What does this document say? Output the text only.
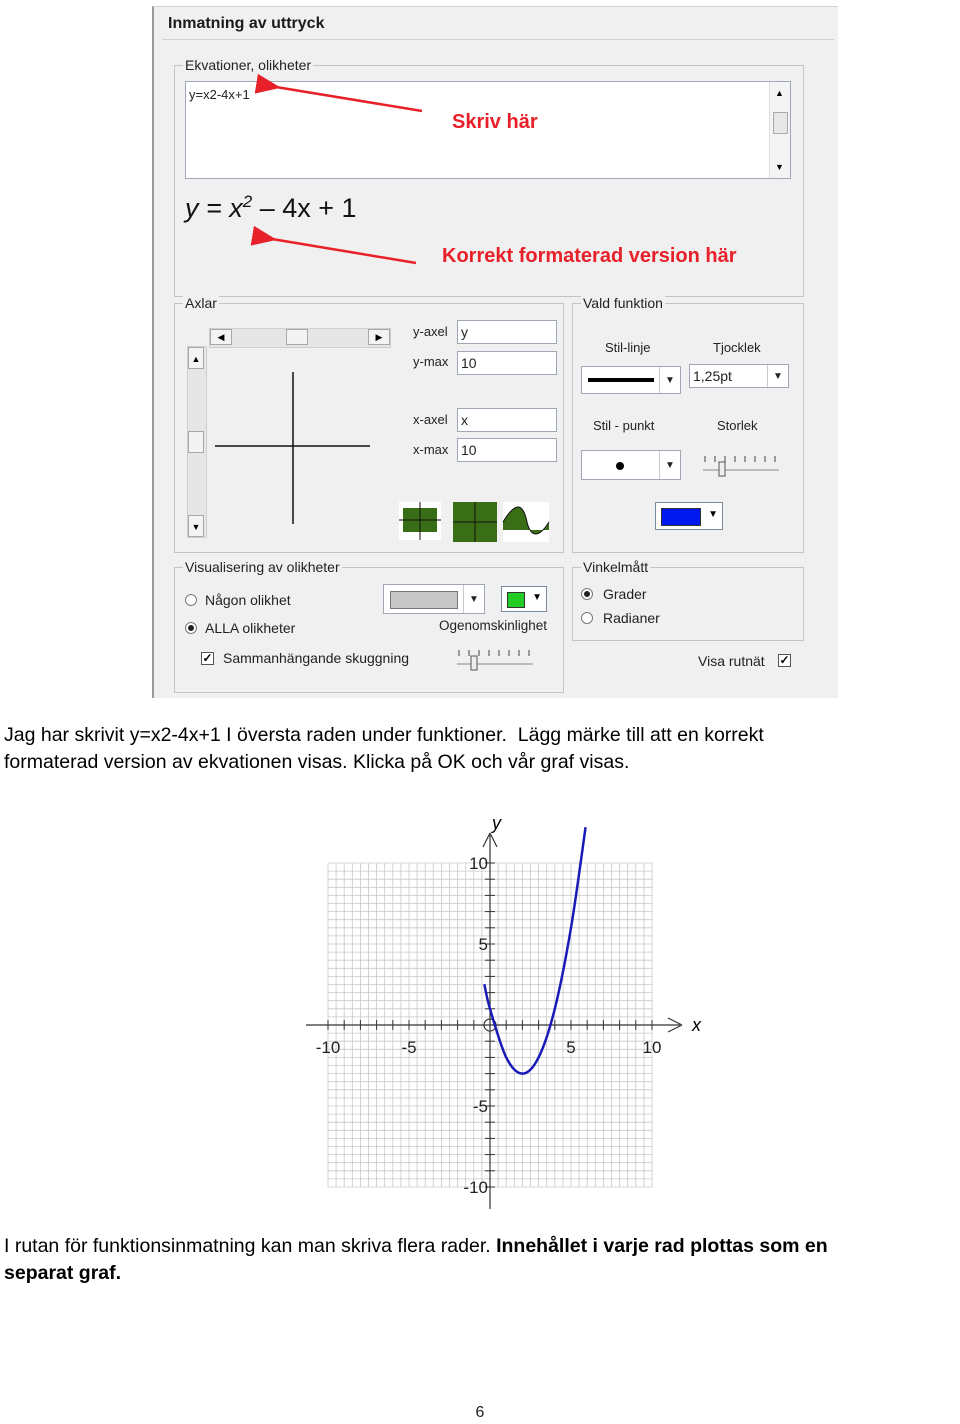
Inmatning av uttryck
Ekvationer, olikheter
y=x2-4x+1	▲
▼
$y = x^2 - 4x + 1$
Skriv här
Korrekt formaterad version här
Axlar
◀	▶
▲
▼
y-axel y
y-max 10
x-axel x
x-max 10
Vald funktion
Stil-linje	Tjocklek
▼	1,25pt	▼
Stil - punkt	Storlek
▼
▼
Visualisering av olikheter
Någon olikhet
ALLA olikheter
✓ Sammanhängande skuggning
▼	▼
Ogenomskinlighet
Vinkelmått
Grader
Radianer
Visa rutnät ✓
Jag har skrivit y=x2-4x+1 I översta raden under funktioner.  Lägg märke till att en korrekt
formaterad version av ekvationen visas. Klicka på OK och vår graf visas.
-10	-5	5	10
10
5
-5
-10
x
y
I rutan för funktionsinmatning kan man skriva flera rader. Innehållet i varje rad plottas som en
separat graf.
6
